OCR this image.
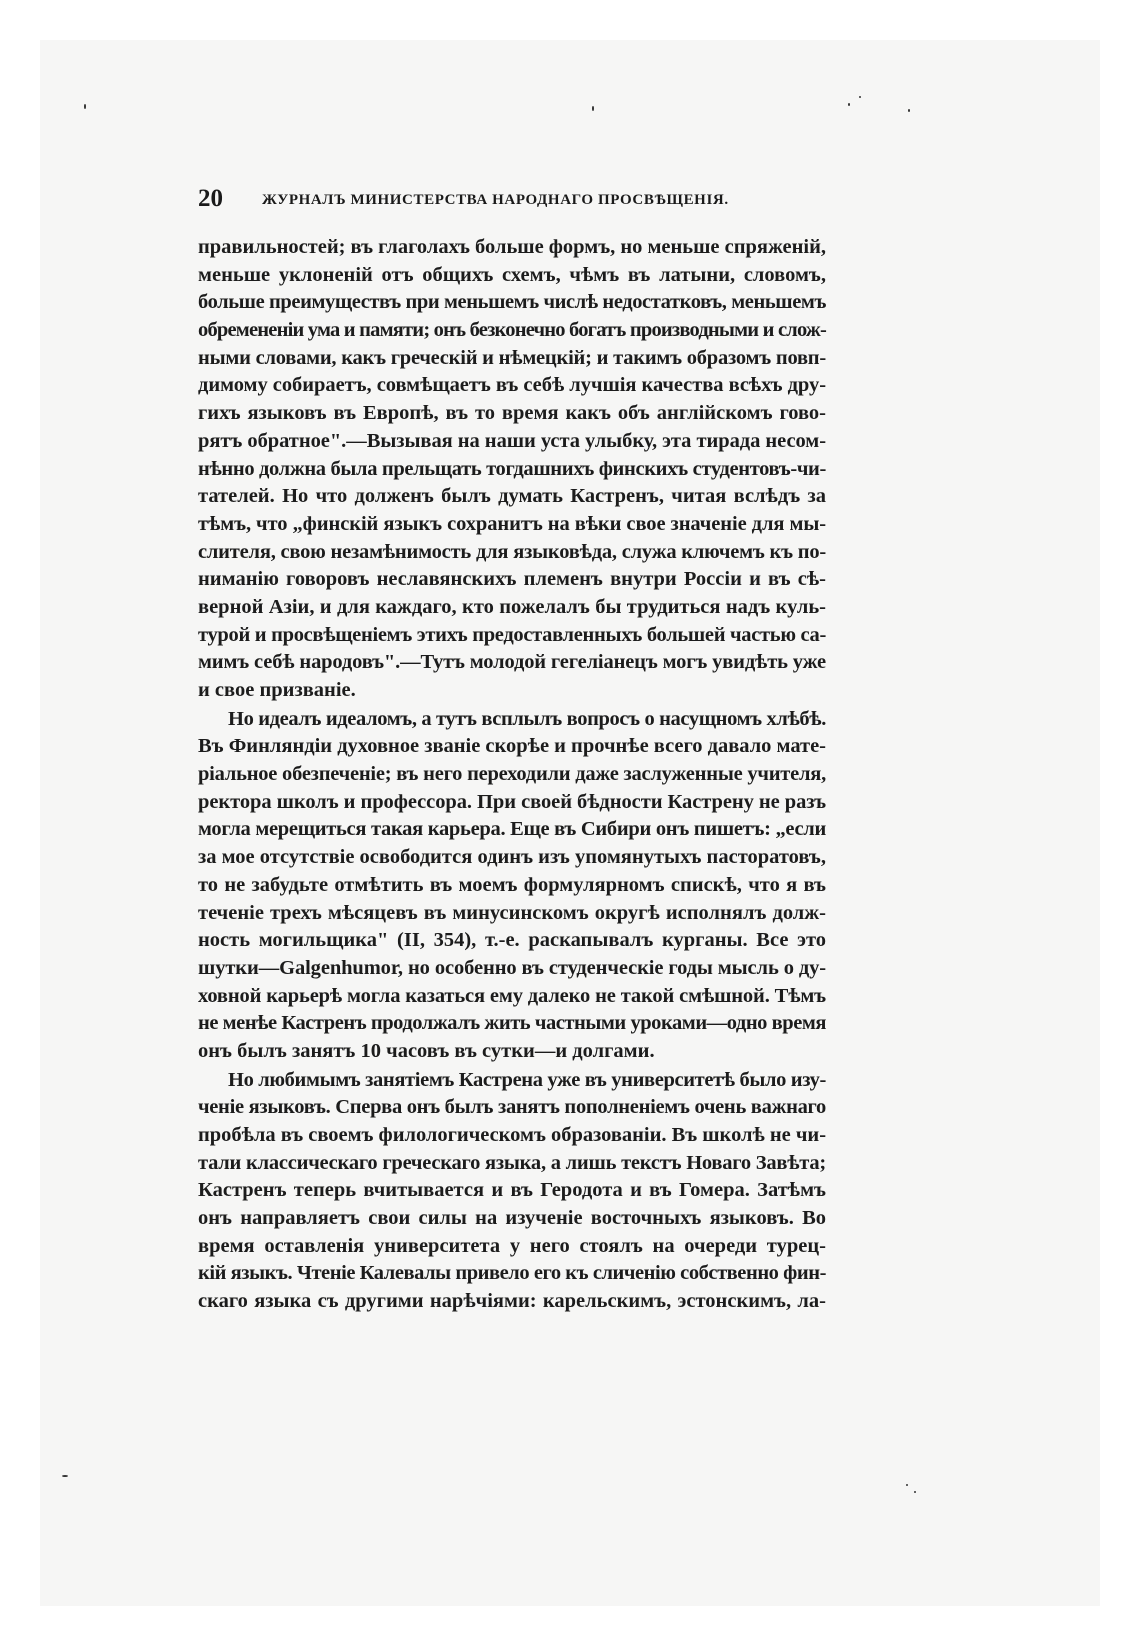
20	ЖУРНАЛЪ МИНИСТЕРСТВА НАРОДНАГО ПРОСВѢЩЕНІЯ.
правильностей; въ глаголахъ больше формъ, но меньше спряженій,
меньше уклоненій отъ общихъ схемъ, чѣмъ въ латыни, словомъ,
больше преимуществъ при меньшемъ числѣ недостатковъ, меньшемъ
обремененіи ума и памяти; онъ безконечно богатъ производными и слож-
ными словами, какъ греческій и нѣмецкій; и такимъ образомъ повп-
димому собираетъ, совмѣщаетъ въ себѣ лучшія качества всѣхъ дру-
гихъ языковъ въ Европѣ, въ то время какъ объ англійскомъ гово-
рятъ обратное".—Вызывая на наши уста улыбку, эта тирада несом-
нѣнно должна была прельщать тогдашнихъ финскихъ студентовъ-чи-
тателей. Но что долженъ былъ думать Кастренъ, читая вслѣдъ за
тѣмъ, что „финскій языкъ сохранитъ на вѣки свое значеніе для мы-
слителя, свою незамѣнимость для языковѣда, служа ключемъ къ по-
ниманію говоровъ неславянскихъ племенъ внутри Россіи и въ сѣ-
верной Азіи, и для каждаго, кто пожелалъ бы трудиться надъ куль-
турой и просвѣщеніемъ этихъ предоставленныхъ большей частью са-
мимъ себѣ народовъ".—Тутъ молодой гегеліанецъ могъ увидѣть уже
и свое призваніе.
Но идеалъ идеаломъ, а тутъ всплылъ вопросъ о насущномъ хлѣбѣ.
Въ Финляндіи духовное званіе скорѣе и прочнѣе всего давало мате-
ріальное обезпеченіе; въ него переходили даже заслуженные учителя,
ректора школъ и профессора. При своей бѣдности Кастрену не разъ
могла мерещиться такая карьера. Еще въ Сибири онъ пишетъ: „если
за мое отсутствіе освободится одинъ изъ упомянутыхъ пасторатовъ,
то не забудьте отмѣтить въ моемъ формулярномъ спискѣ, что я въ
теченіе трехъ мѣсяцевъ въ минусинскомъ округѣ исполнялъ долж-
ность могильщика" (II, 354), т.-е. раскапывалъ курганы. Все это
шутки—Galgenhumor, но особенно въ студенческіе годы мысль о ду-
ховной карьерѣ могла казаться ему далеко не такой смѣшной. Тѣмъ
не менѣе Кастренъ продолжалъ жить частными уроками—одно время
онъ былъ занятъ 10 часовъ въ сутки—и долгами.
Но любимымъ занятіемъ Кастрена уже въ университетѣ было изу-
ченіе языковъ. Сперва онъ былъ занятъ пополненіемъ очень важнаго
пробѣла въ своемъ филологическомъ образованіи. Въ школѣ не чи-
тали классическаго греческаго языка, а лишь текстъ Новаго Завѣта;
Кастренъ теперь вчитывается и въ Геродота и въ Гомера. Затѣмъ
онъ направляетъ свои силы на изученіе восточныхъ языковъ. Во
время оставленія университета у него стоялъ на очереди турец-
кій языкъ. Чтеніе Калевалы привело его къ сличенію собственно фин-
скаго языка съ другими нарѣчіями: карельскимъ, эстонскимъ, ла-
